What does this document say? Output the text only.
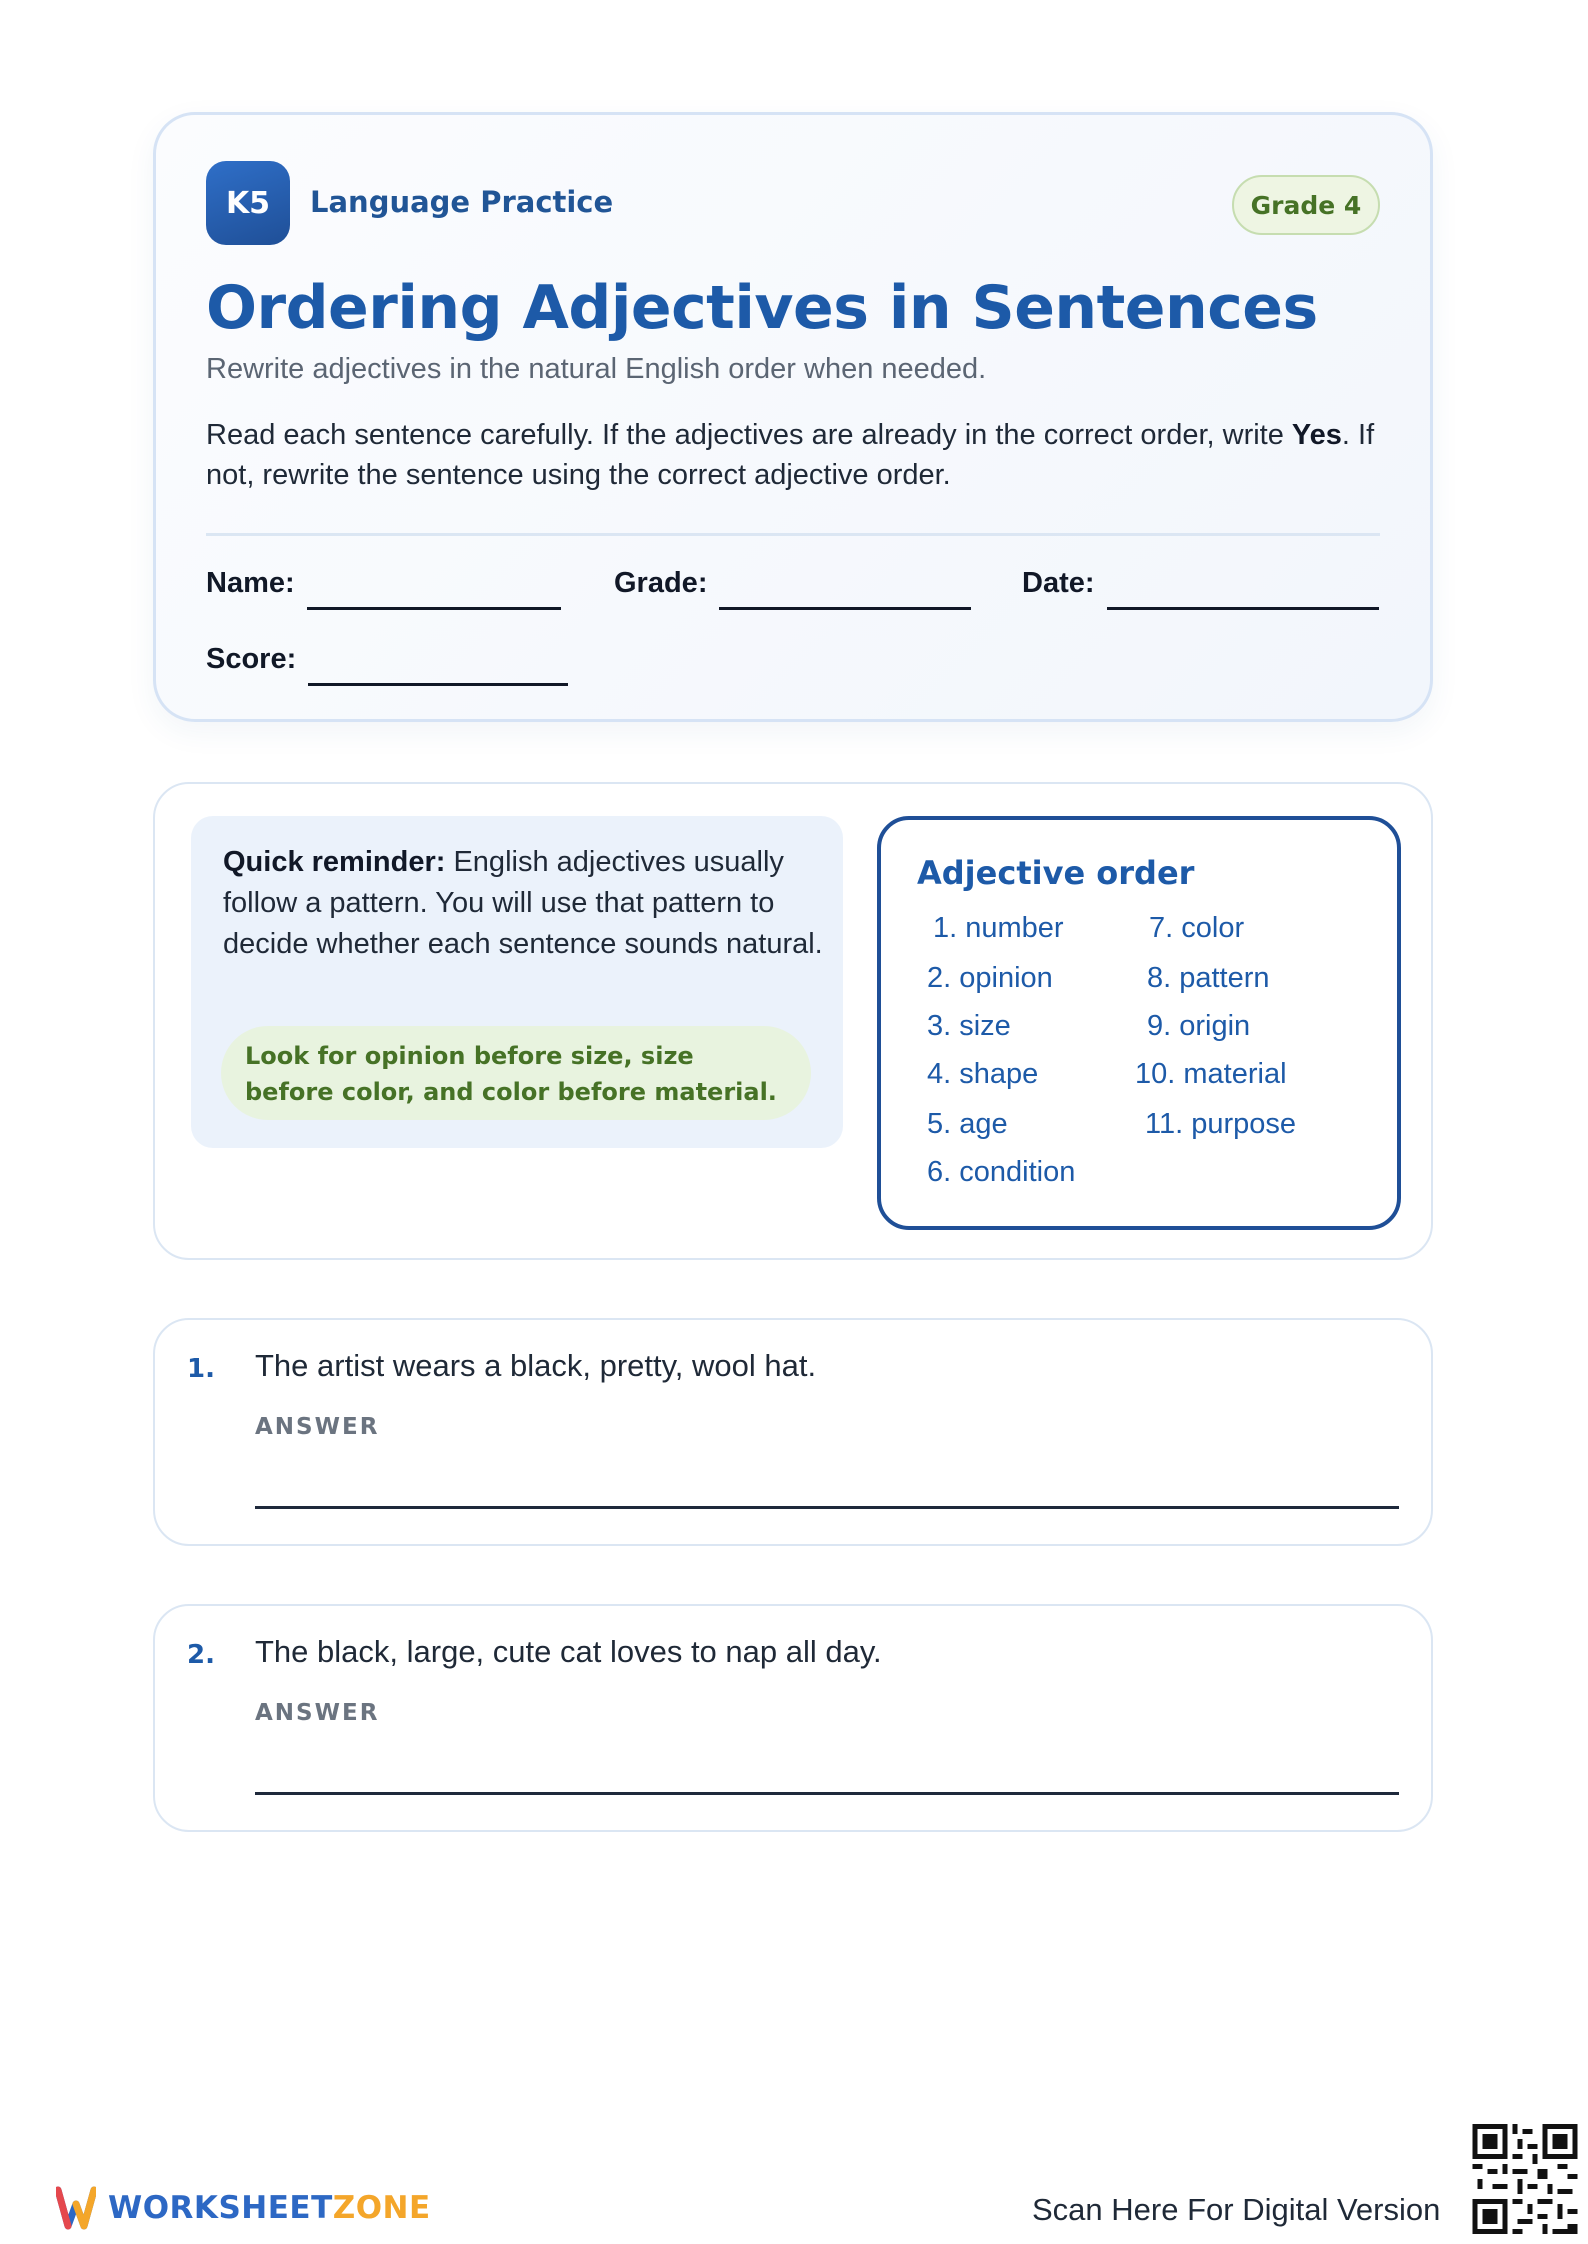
K5	Language Practice	Grade 4
Ordering Adjectives in Sentences
Rewrite adjectives in the natural English order when needed.
Read each sentence carefully. If the adjectives are already in the correct order, write Yes. If not, rewrite the sentence using the correct adjective order.
Name:	Grade:	Date:
Score:
Quick reminder: English adjectives usually follow a pattern. You will use that pattern to decide whether each sentence sounds natural.
Look for opinion before size, size before color, and color before material.
Adjective order
1. number
2. opinion
3. size
4. shape
5. age
6. condition
7. color
8. pattern
9. origin
10. material
11. purpose
1. The artist wears a black, pretty, wool hat.
ANSWER
2. The black, large, cute cat loves to nap all day.
ANSWER
WORKSHEET ZONE	Scan Here For Digital Version
